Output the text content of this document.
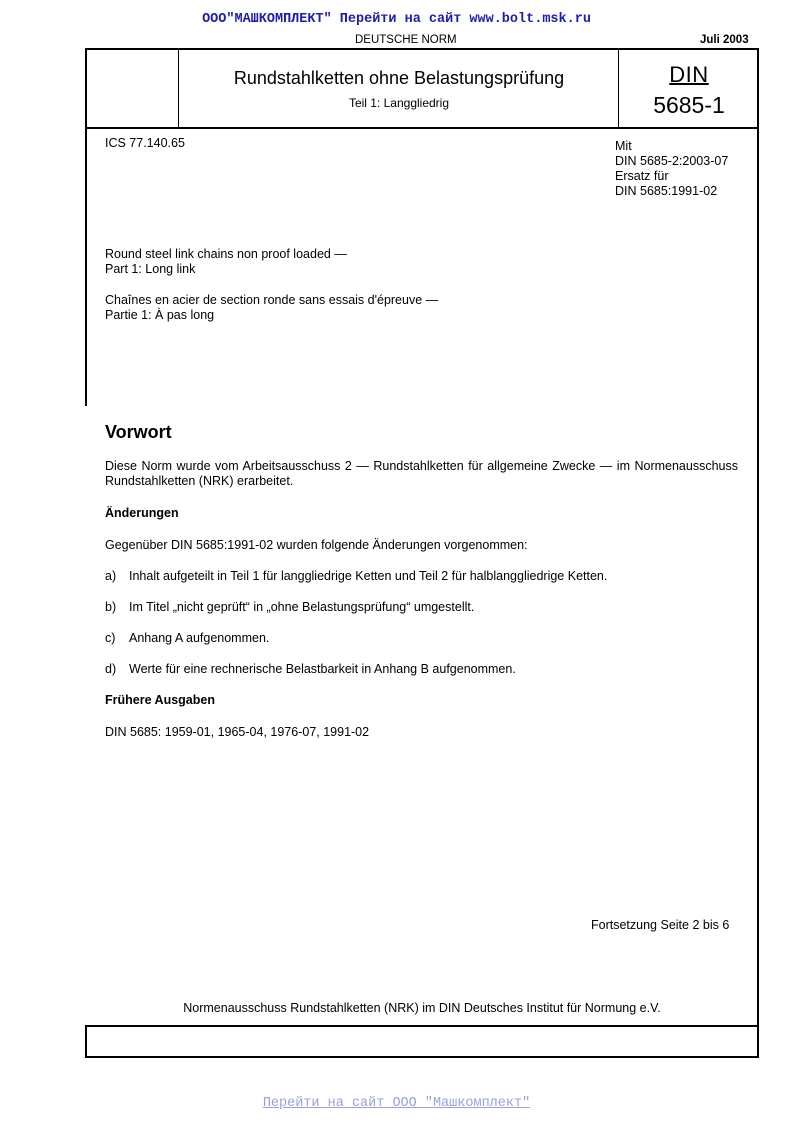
ООО"МАШКОМПЛЕКТ" Перейти на сайт www.bolt.msk.ru
DEUTSCHE NORM	Juli 2003
Rundstahlketten ohne Belastungsprüfung
Teil 1: Langgliedrig
DIN
5685-1
ICS 77.140.65	Mit
DIN 5685-2:2003-07
Ersatz für
DIN 5685:1991-02
Round steel link chains non proof loaded —
Part 1: Long link
Chaînes en acier de section ronde sans essais d'épreuve —
Partie 1: À pas long
Vorwort
Diese Norm wurde vom Arbeitsausschuss 2 — Rundstahlketten für allgemeine Zwecke — im Normenausschuss Rundstahlketten (NRK) erarbeitet.
Änderungen
Gegenüber DIN 5685:1991-02 wurden folgende Änderungen vorgenommen:
a) Inhalt aufgeteilt in Teil 1 für langgliedrige Ketten und Teil 2 für halblanggliedrige Ketten.
b) Im Titel „nicht geprüft“ in „ohne Belastungsprüfung“ umgestellt.
c) Anhang A aufgenommen.
d) Werte für eine rechnerische Belastbarkeit in Anhang B aufgenommen.
Frühere Ausgaben
DIN 5685: 1959-01, 1965-04, 1976-07, 1991-02
Fortsetzung Seite 2 bis 6
Normenausschuss Rundstahlketten (NRK) im DIN Deutsches Institut für Normung e.V.
Перейти на сайт ООО "Машкомплект"
